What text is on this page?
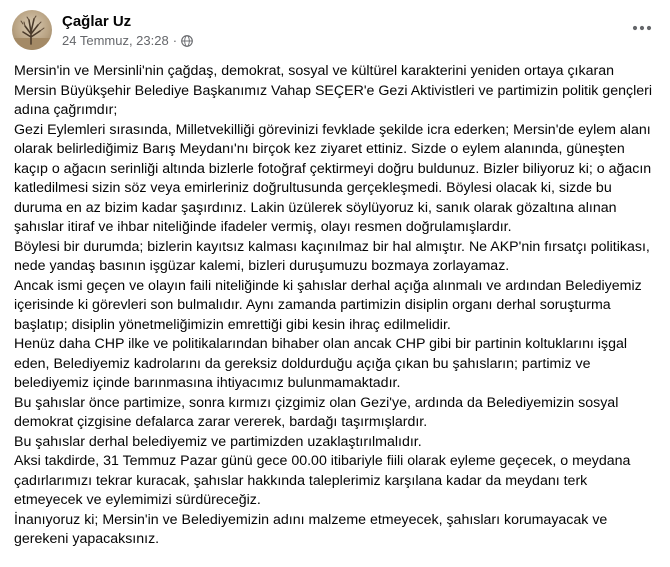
Çağlar Uz
24 Temmuz, 23:28 ·

Mersin'in ve Mersinli'nin çağdaş, demokrat, sosyal ve kültürel karakterini yeniden ortaya çıkaran Mersin Büyükşehir Belediye Başkanımız Vahap SEÇER'e Gezi Aktivistleri ve partimizin politik gençleri adına çağrımdır;

Gezi Eylemleri sırasında, Milletvekilliği görevinizi fevklade şekilde icra ederken; Mersin'de eylem alanı olarak belirlediğimiz Barış Meydanı'nı birçok kez ziyaret ettiniz. Sizde o eylem alanında, güneşten kaçıp o ağacın serinliği altında bizlerle fotoğraf çektirmeyi doğru buldunuz. Bizler biliyoruz ki; o ağacın katledilmesi sizin söz veya emirleriniz doğrultusunda gerçekleşmedi. Böylesi olacak ki, sizde bu duruma en az bizim kadar şaşırdınız. Lakin üzülerek söylüyoruz ki, sanık olarak gözaltına alınan şahıslar itiraf ve ihbar niteliğinde ifadeler vermiş, olayı resmen doğrulamışlardır.

Böylesi bir durumda; bizlerin kayıtsız kalması kaçınılmaz bir hal almıştır. Ne AKP'nin fırsatçı politikası, nede yandaş basının işgüzar kalemi, bizleri duruşumuzu bozmaya zorlayamaz.

Ancak ismi geçen ve olayın faili niteliğinde ki şahıslar derhal açığa alınmalı ve ardından Belediyemiz içerisinde ki görevleri son bulmalıdır. Aynı zamanda partimizin disiplin organı derhal soruşturma başlatıp; disiplin yönetmeliğimizin emrettiği gibi kesin ihraç edilmelidir.

Henüz daha CHP ilke ve politikalarından bihaber olan ancak CHP gibi bir partinin koltuklarını işgal eden, Belediyemiz kadrolarını da gereksiz doldurduğu açığa çıkan bu şahısların; partimiz ve belediyemiz içinde barınmasına ihtiyacımız bulunmamaktadır.

Bu şahıslar önce partimize, sonra kırmızı çizgimiz olan Gezi'ye, ardında da Belediyemizin sosyal demokrat çizgisine defalarca zarar vererek, bardağı taşırmışlardır.

Bu şahıslar derhal belediyemiz ve partimizden uzaklaştırılmalıdır.

Aksi takdirde, 31 Temmuz Pazar günü gece 00.00 itibariyle fiili olarak eyleme geçecek, o meydana çadırlarımızı tekrar kuracak, şahıslar hakkında taleplerimiz karşılana kadar da meydanı terk etmeyecek ve eylemimizi sürdüreceğiz.

İnanıyoruz ki; Mersin'in ve Belediyemizin adını malzeme etmeyecek, şahısları korumayacak ve gerekeni yapacaksınız.
